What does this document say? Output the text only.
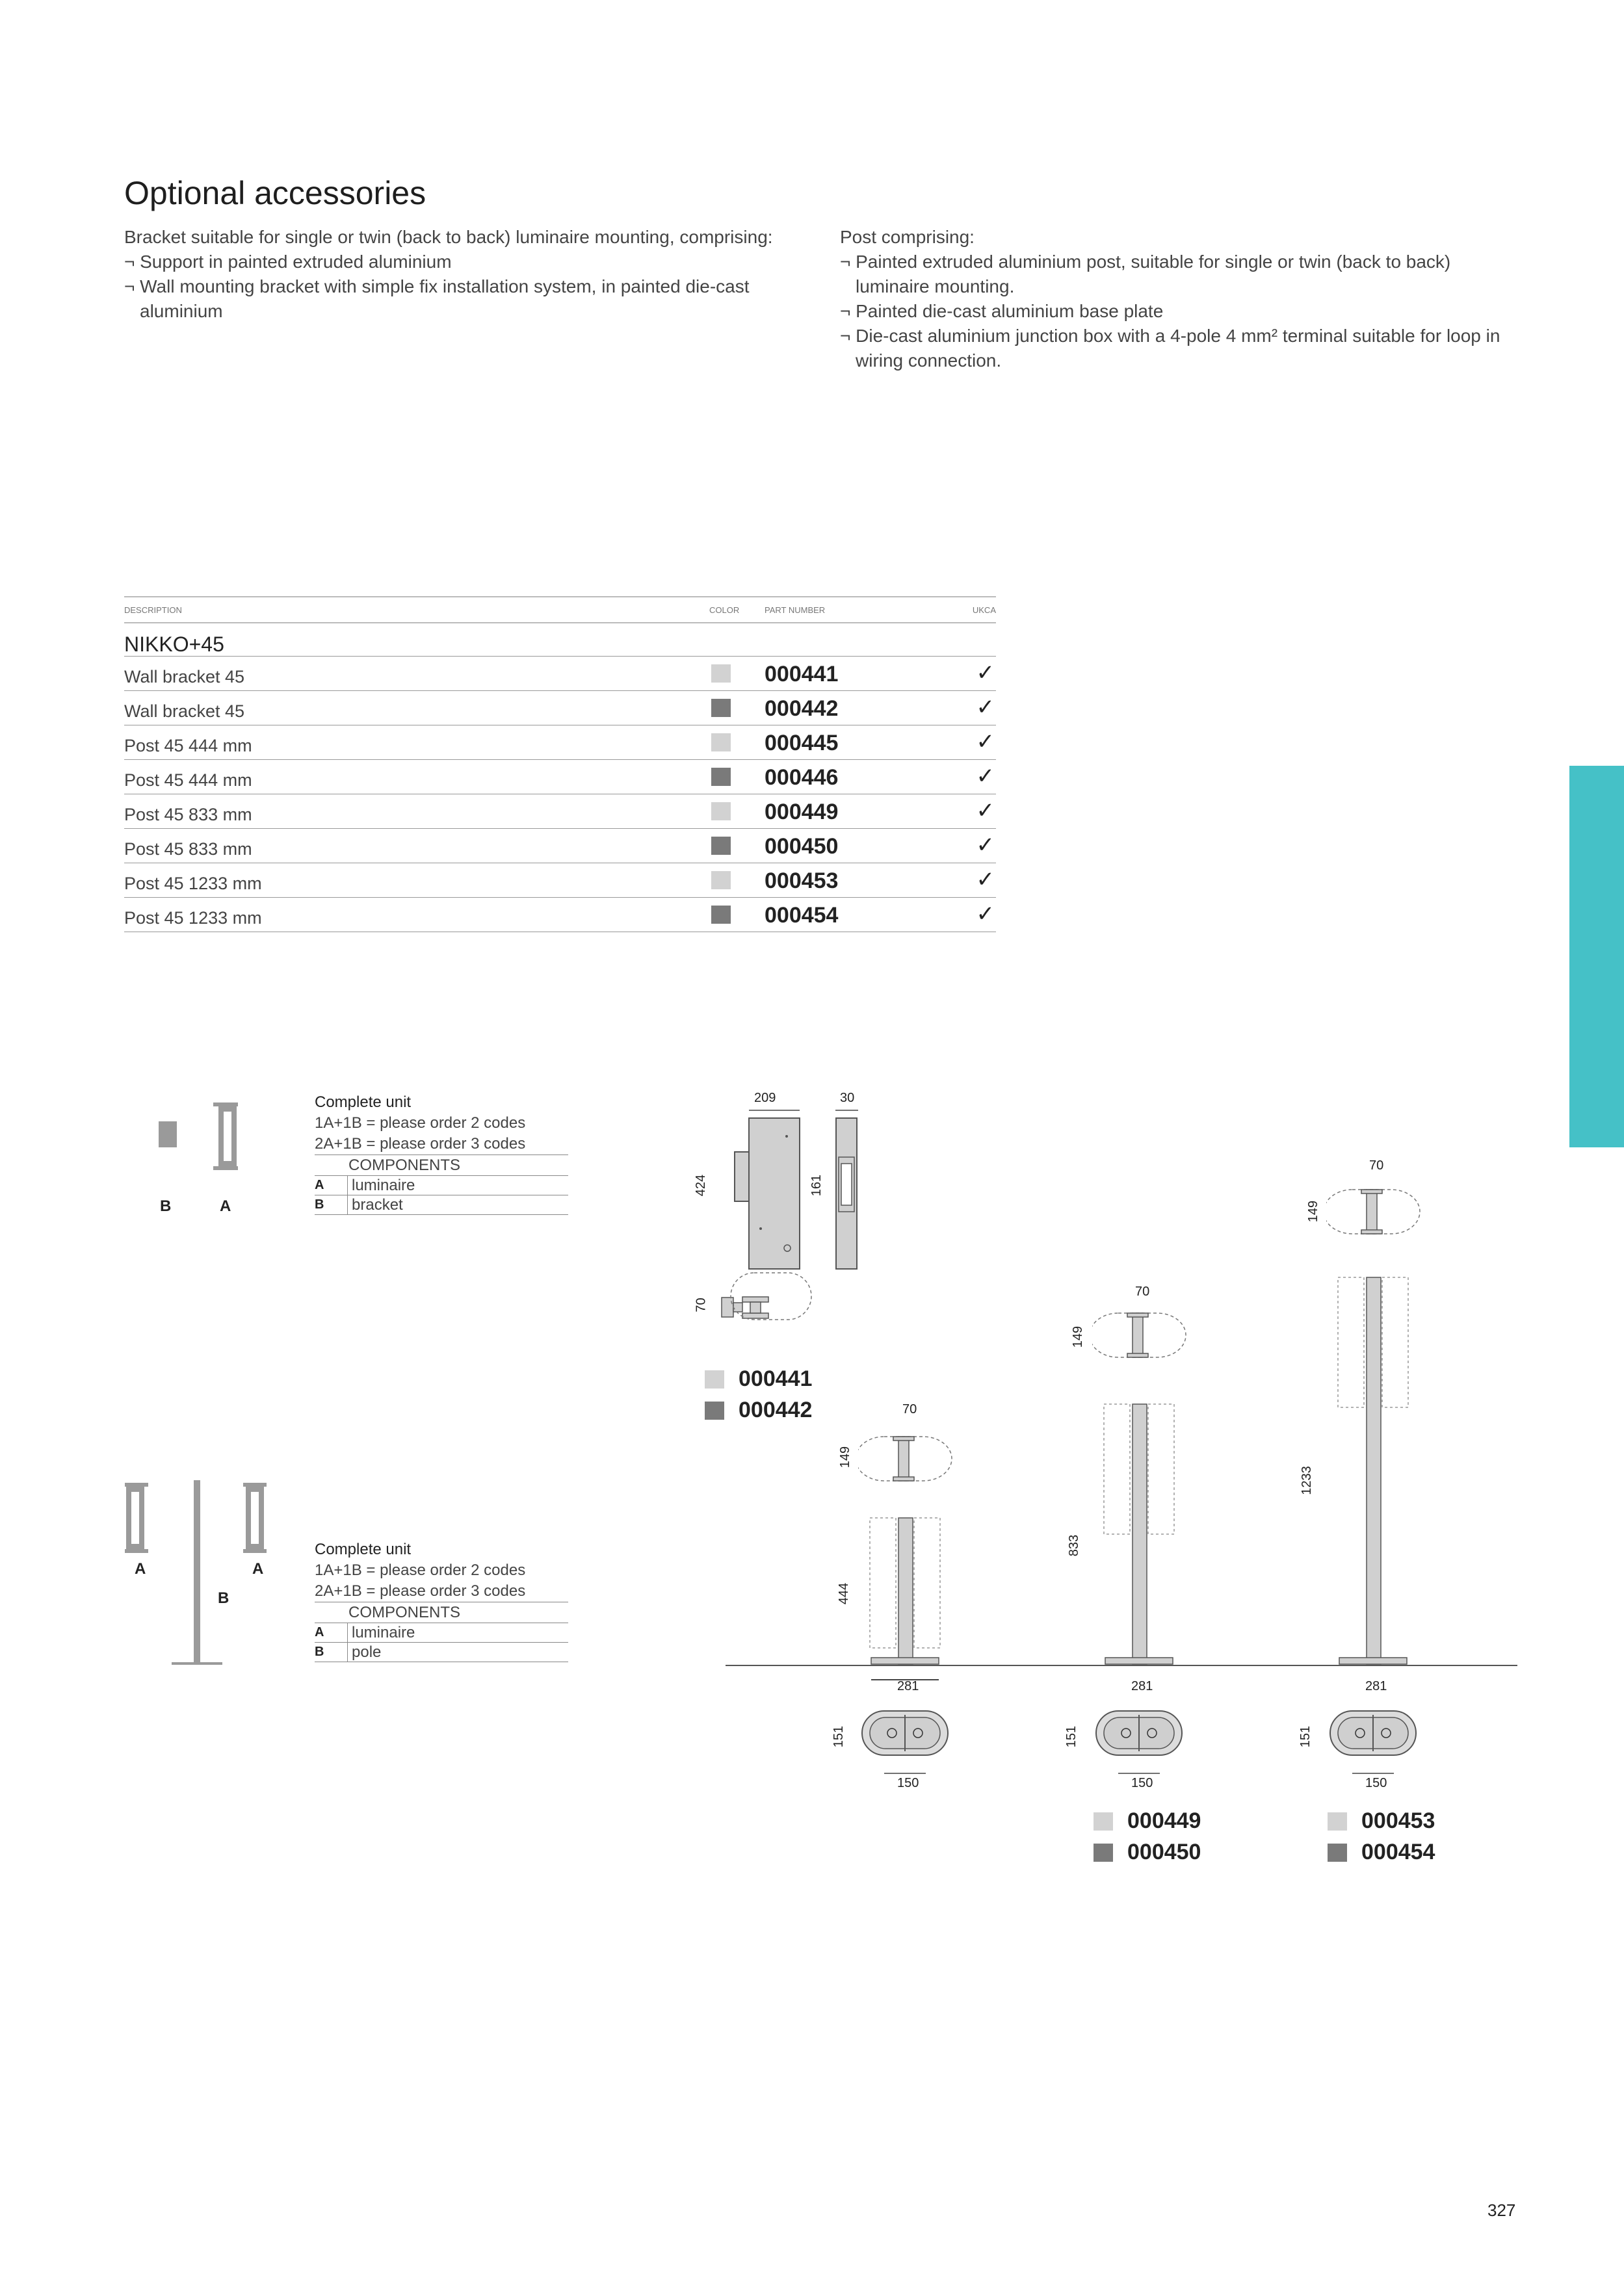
Optional accessories

Bracket suitable for single or twin (back to back) luminaire mounting, comprising:

¬ Support in painted extruded aluminium

¬ Wall mounting bracket with simple fix installation system, in painted die-cast aluminium

Post comprising:

¬ Painted extruded aluminium post, suitable for single or twin (back to back) luminaire mounting.

¬ Painted die-cast aluminium base plate

¬ Die-cast aluminium junction box with a 4-pole 4 mm² terminal suitable for loop in wiring connection.

DESCRIPTION	COLOR	PART NUMBER	UKCA
NIKKO+45
Wall bracket 45	000441	✓
Wall bracket 45	000442	✓
Post 45 444 mm	000445	✓
Post 45 444 mm	000446	✓
Post 45 833 mm	000449	✓
Post 45 833 mm	000450	✓
Post 45 1233 mm	000453	✓
Post 45 1233 mm	000454	✓
B	A
Complete unit
1A+1B = please order 2 codes
2A+1B = please order 3 codes
COMPONENTS
A	luminaire
B	bracket
A	A
B
Complete unit
1A+1B = please order 2 codes
2A+1B = please order 3 codes
COMPONENTS
A	luminaire
B	pole
209	30
424	161
70
000441
000442	70
149
444
281
151
150
70
149
833
281
151
150
000449
000450
70
149
1233
281
151
150
000453
000454
327
